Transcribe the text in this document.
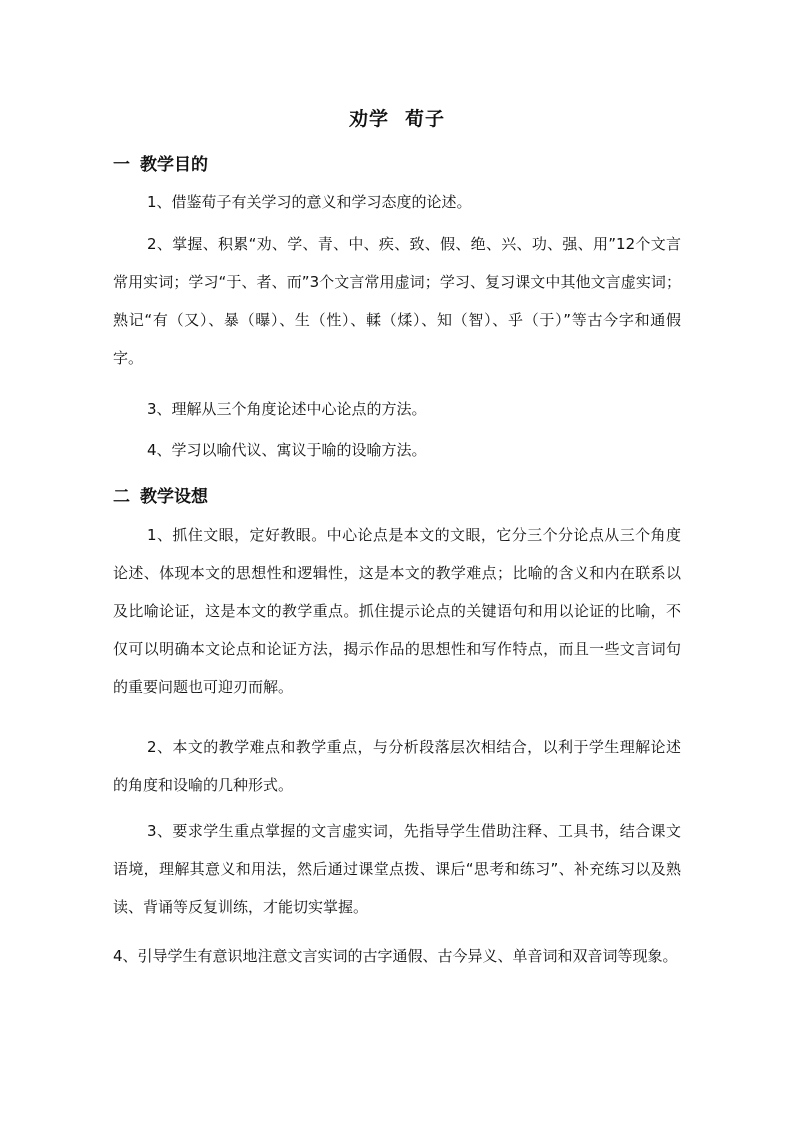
劝学 荀子
一 教学目的
1、借鉴荀子有关学习的意义和学习态度的论述。
2、掌握、积累“劝、学、青、中、疾、致、假、绝、兴、功、强、用”12个文言常用实词；学习“于、者、而”3个文言常用虚词；学习、复习课文中其他文言虚实词；熟记“有（又）、暴（曝）、生（性）、輮（煣）、知（智）、乎（于）”等古今字和通假字。
3、理解从三个角度论述中心论点的方法。
4、学习以喻代议、寓议于喻的设喻方法。
二 教学设想
1、抓住文眼，定好教眼。中心论点是本文的文眼，它分三个分论点从三个角度论述、体现本文的思想性和逻辑性，这是本文的教学难点；比喻的含义和内在联系以及比喻论证，这是本文的教学重点。抓住提示论点的关键语句和用以论证的比喻，不仅可以明确本文论点和论证方法，揭示作品的思想性和写作特点，而且一些文言词句的重要问题也可迎刃而解。
2、本文的教学难点和教学重点，与分析段落层次相结合，以利于学生理解论述的角度和设喻的几种形式。
3、要求学生重点掌握的文言虚实词，先指导学生借助注释、工具书，结合课文语境，理解其意义和用法，然后通过课堂点拨、课后“思考和练习”、补充练习以及熟读、背诵等反复训练，才能切实掌握。
4、引导学生有意识地注意文言实词的古字通假、古今异义、单音词和双音词等现象。
